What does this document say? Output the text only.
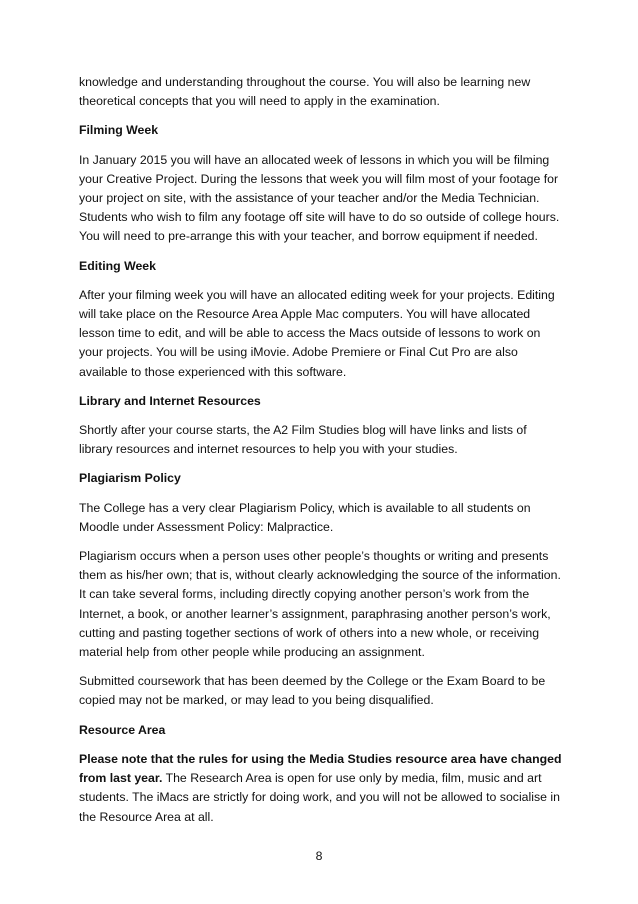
knowledge and understanding throughout the course. You will also be learning new theoretical concepts that you will need to apply in the examination.

Filming Week

In January 2015 you will have an allocated week of lessons in which you will be filming your Creative Project. During the lessons that week you will film most of your footage for your project on site, with the assistance of your teacher and/or the Media Technician. Students who wish to film any footage off site will have to do so outside of college hours. You will need to pre-arrange this with your teacher, and borrow equipment if needed.

Editing Week

After your filming week you will have an allocated editing week for your projects. Editing will take place on the Resource Area Apple Mac computers. You will have allocated lesson time to edit, and will be able to access the Macs outside of lessons to work on your projects. You will be using iMovie. Adobe Premiere or Final Cut Pro are also available to those experienced with this software.

Library and Internet Resources

Shortly after your course starts, the A2 Film Studies blog will have links and lists of library resources and internet resources to help you with your studies.

Plagiarism Policy

The College has a very clear Plagiarism Policy, which is available to all students on Moodle under Assessment Policy: Malpractice.

Plagiarism occurs when a person uses other people’s thoughts or writing and presents them as his/her own; that is, without clearly acknowledging the source of the information. It can take several forms, including directly copying another person’s work from the Internet, a book, or another learner’s assignment, paraphrasing another person’s work, cutting and pasting together sections of work of others into a new whole, or receiving material help from other people while producing an assignment.

Submitted coursework that has been deemed by the College or the Exam Board to be copied may not be marked, or may lead to you being disqualified.

Resource Area

Please note that the rules for using the Media Studies resource area have changed from last year. The Research Area is open for use only by media, film, music and art students. The iMacs are strictly for doing work, and you will not be allowed to socialise in the Resource Area at all.

8
